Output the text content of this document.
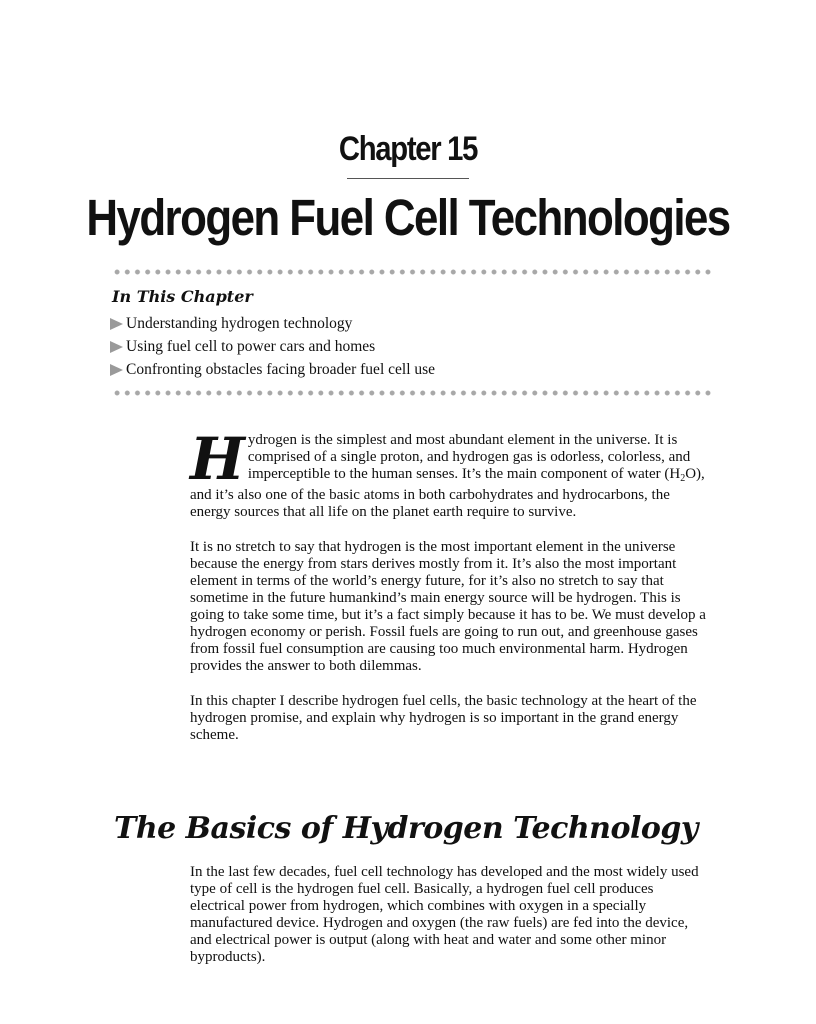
Chapter 15
Hydrogen Fuel Cell Technologies
In This Chapter
Understanding hydrogen technology
Using fuel cell to power cars and homes
Confronting obstacles facing broader fuel cell use

Hydrogen is the simplest and most abundant element in the universe. It is comprised of a single proton, and hydrogen gas is odorless, colorless, and imperceptible to the human senses. It’s the main component of water $(H_2O)$, and it’s also one of the basic atoms in both carbohydrates and hydrocarbons, the energy sources that all life on the planet earth require to survive.

It is no stretch to say that hydrogen is the most important element in the universe because the energy from stars derives mostly from it. It’s also the most important element in terms of the world’s energy future, for it’s also no stretch to say that sometime in the future humankind’s main energy source will be hydrogen. This is going to take some time, but it’s a fact simply because it has to be. We must develop a hydrogen economy or perish. Fossil fuels are going to run out, and greenhouse gases from fossil fuel consumption are causing too much environmental harm. Hydrogen provides the answer to both dilemmas.

In this chapter I describe hydrogen fuel cells, the basic technology at the heart of the hydrogen promise, and explain why hydrogen is so important in the grand energy scheme.

The Basics of Hydrogen Technology

In the last few decades, fuel cell technology has developed and the most widely used type of cell is the hydrogen fuel cell. Basically, a hydrogen fuel cell produces electrical power from hydrogen, which combines with oxygen in a specially manufactured device. Hydrogen and oxygen (the raw fuels) are fed into the device, and electrical power is output (along with heat and water and some other minor byproducts).
